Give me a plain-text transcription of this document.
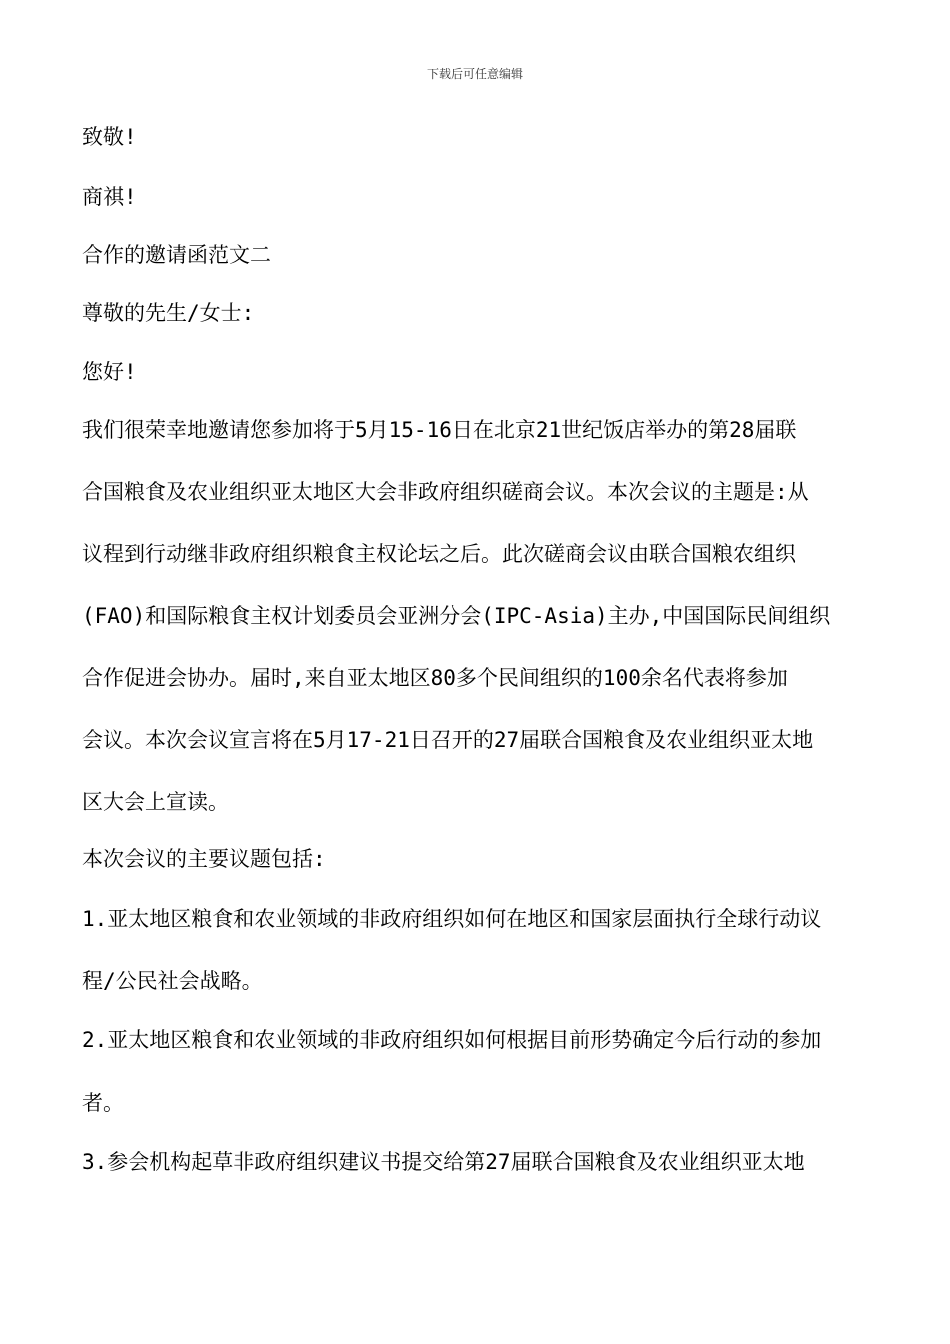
下载后可任意编辑
致敬!
商祺!
合作的邀请函范文二
尊敬的先生/女士:
您好!
我们很荣幸地邀请您参加将于5月15-16日在北京21世纪饭店举办的第28届联
合国粮食及农业组织亚太地区大会非政府组织磋商会议。本次会议的主题是:从
议程到行动继非政府组织粮食主权论坛之后。此次磋商会议由联合国粮农组织
(FAO)和国际粮食主权计划委员会亚洲分会(IPC-Asia)主办,中国国际民间组织
合作促进会协办。届时,来自亚太地区80多个民间组织的100余名代表将参加
会议。本次会议宣言将在5月17-21日召开的27届联合国粮食及农业组织亚太地
区大会上宣读。
本次会议的主要议题包括:
1.亚太地区粮食和农业领域的非政府组织如何在地区和国家层面执行全球行动议
程/公民社会战略。
2.亚太地区粮食和农业领域的非政府组织如何根据目前形势确定今后行动的参加
者。
3.参会机构起草非政府组织建议书提交给第27届联合国粮食及农业组织亚太地
